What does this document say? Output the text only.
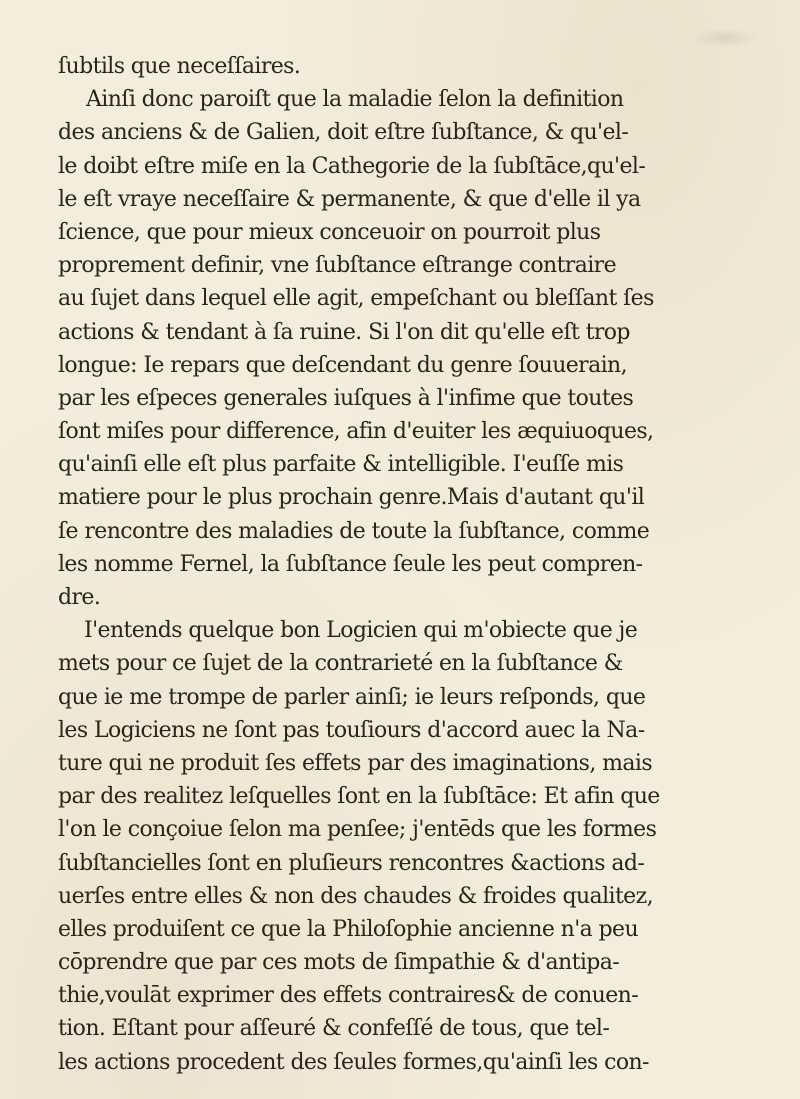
ſubtils que neceſſaires.
Ainſi donc paroiſt que la maladie ſelon la definition
des anciens & de Galien, doit eſtre ſubſtance, & qu'el-
le doibt eſtre miſe en la Cathegorie de la ſubſtāce,qu'el-
le eſt vraye neceſſaire & permanente, & que d'elle il ya
ſcience, que pour mieux conceuoir on pourroit plus
proprement definir, vne ſubſtance eſtrange contraire
au ſujet dans lequel elle agit, empeſchant ou bleſſant ſes
actions & tendant à ſa ruine. Si l'on dit qu'elle eſt trop
longue: Ie repars que deſcendant du genre ſouuerain,
par les eſpeces generales iuſques à l'infime que toutes
ſont miſes pour difference, afin d'euiter les æquiuoques,
qu'ainſi elle eſt plus parfaite & intelligible. I'euſſe mis
matiere pour le plus prochain genre.Mais d'autant qu'il
ſe rencontre des maladies de toute la ſubſtance, comme
les nomme Fernel, la ſubſtance ſeule les peut compren-
dre.
I'entends quelque bon Logicien qui m'obiecte que je
mets pour ce ſujet de la contrarieté en la ſubſtance &
que ie me trompe de parler ainſi; ie leurs reſponds, que
les Logiciens ne ſont pas touſiours d'accord auec la Na-
ture qui ne produit ſes effets par des imaginations, mais
par des realitez leſquelles ſont en la ſubſtāce: Et afin que
l'on le conçoiue ſelon ma penſee; j'entēds que les formes
ſubſtancielles ſont en pluſieurs rencontres &actions ad-
uerſes entre elles & non des chaudes & froides qualitez,
elles produiſent ce que la Philoſophie ancienne n'a peu
cōprendre que par ces mots de ſimpathie & d'antipa-
thie,voulāt exprimer des effets contraires& de conuen-
tion. Eſtant pour aſſeuré & confeſſé de tous, que tel-
les actions procedent des ſeules formes,qu'ainſi les con-
